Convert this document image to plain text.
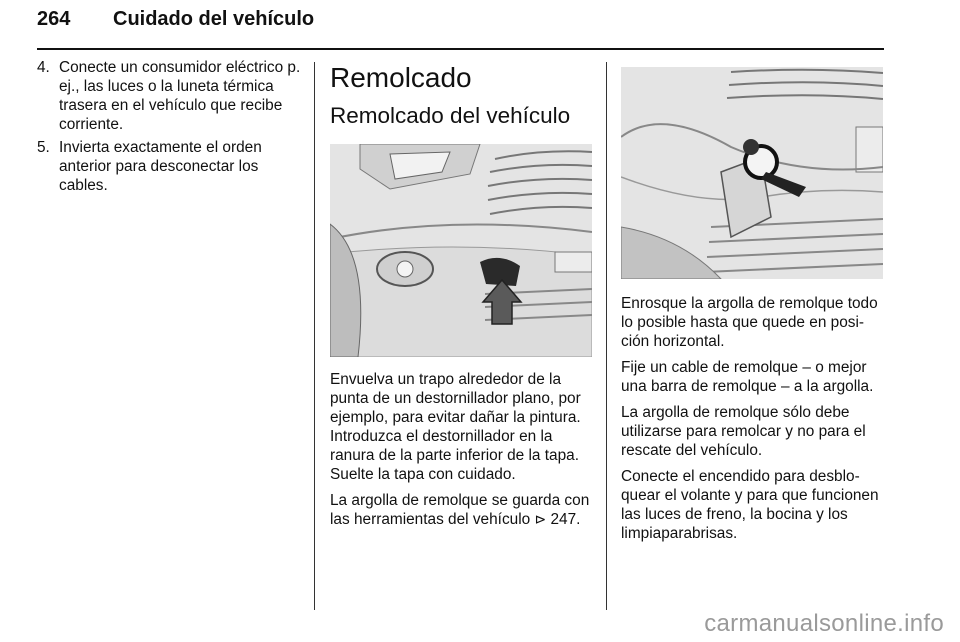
264 Cuidado del vehículo
4. Conecte un consumidor eléctrico p. ej., las luces o la luneta térmica trasera en el vehículo que recibe corriente.
5. Invierta exactamente el orden anterior para desconectar los cables.
Remolcado
Remolcado del vehículo

Envuelva un trapo alrededor de la punta de un destornillador plano, por ejemplo, para evitar dañar la pintura. Introduzca el destornillador en la ranura de la parte inferior de la tapa. Suelte la tapa con cuidado.

La argolla de remolque se guarda con las herramientas del vehículo ⊳ 247.

Enrosque la argolla de remolque todo lo posible hasta que quede en posi-ción horizontal.

Fije un cable de remolque – o mejor una barra de remolque – a la argolla.

La argolla de remolque sólo debe utilizarse para remolcar y no para el rescate del vehículo.

Conecte el encendido para desblo-quear el volante y para que funcionen las luces de freno, la bocina y los limpiaparabrisas.

carmanualsonline.info
